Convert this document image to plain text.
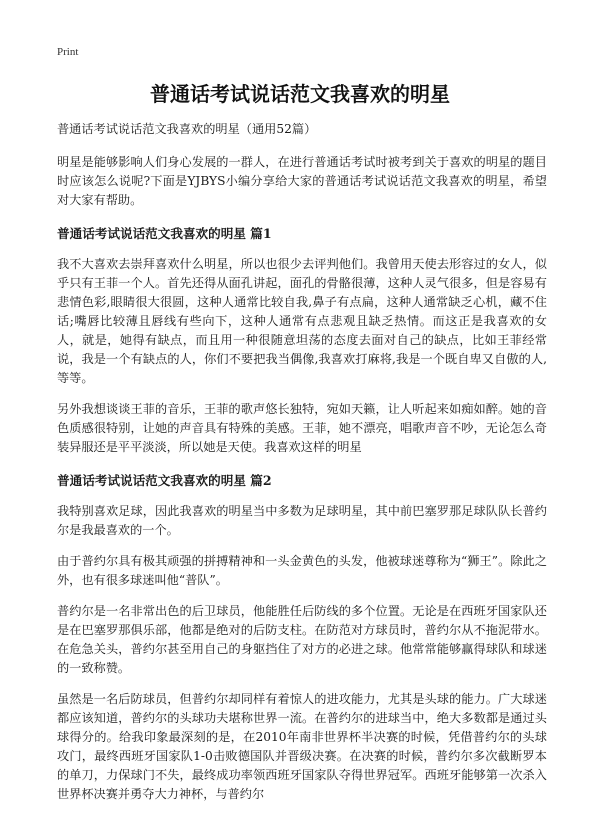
Print
普通话考试说话范文我喜欢的明星

普通话考试说话范文我喜欢的明星（通用52篇）

明星是能够影响人们身心发展的一群人，在进行普通话考试时被考到关于喜欢的明星的题目时应该怎么说呢?下面是YJBYS小编分享给大家的普通话考试说话范文我喜欢的明星，希望对大家有帮助。

普通话考试说话范文我喜欢的明星 篇1

我不大喜欢去崇拜喜欢什么明星，所以也很少去评判他们。我曾用天使去形容过的女人，似乎只有王菲一个人。首先还得从面孔讲起，面孔的骨骼很薄，这种人灵气很多，但是容易有悲情色彩,眼睛很大很圆，这种人通常比较自我,鼻子有点扁，这种人通常缺乏心机，藏不住话;嘴唇比较薄且唇线有些向下，这种人通常有点悲观且缺乏热情。而这正是我喜欢的女人，就是，她得有缺点，而且用一种很随意坦荡的态度去面对自己的缺点，比如王菲经常说，我是一个有缺点的人，你们不要把我当偶像,我喜欢打麻将,我是一个既自卑又自傲的人,等等。

另外我想谈谈王菲的音乐，王菲的歌声悠长独特，宛如天籁，让人听起来如痴如醉。她的音色质感很特别，让她的声音具有特殊的美感。王菲，她不漂亮，唱歌声音不吵，无论怎么奇装异服还是平平淡淡，所以她是天使。我喜欢这样的明星

普通话考试说话范文我喜欢的明星 篇2

我特别喜欢足球，因此我喜欢的明星当中多数为足球明星，其中前巴塞罗那足球队队长普约尔是我最喜欢的一个。

由于普约尔具有极其顽强的拼搏精神和一头金黄色的头发，他被球迷尊称为“狮王”。除此之外，也有很多球迷叫他“普队”。

普约尔是一名非常出色的后卫球员，他能胜任后防线的多个位置。无论是在西班牙国家队还是在巴塞罗那俱乐部，他都是绝对的后防支柱。在防范对方球员时，普约尔从不拖泥带水。在危急关头，普约尔甚至用自己的身躯挡住了对方的必进之球。他常常能够赢得球队和球迷的一致称赞。

虽然是一名后防球员，但普约尔却同样有着惊人的进攻能力，尤其是头球的能力。广大球迷都应该知道，普约尔的头球功夫堪称世界一流。在普约尔的进球当中，绝大多数都是通过头球得分的。给我印象最深刻的是，在2010年南非世界杯半决赛的时候，凭借普约尔的头球攻门，最终西班牙国家队1-0击败德国队并晋级决赛。在决赛的时候，普约尔多次截断罗本的单刀，力保球门不失，最终成功率领西班牙国家队夺得世界冠军。西班牙能够第一次杀入世界杯决赛并勇夺大力神杯，与普约尔
